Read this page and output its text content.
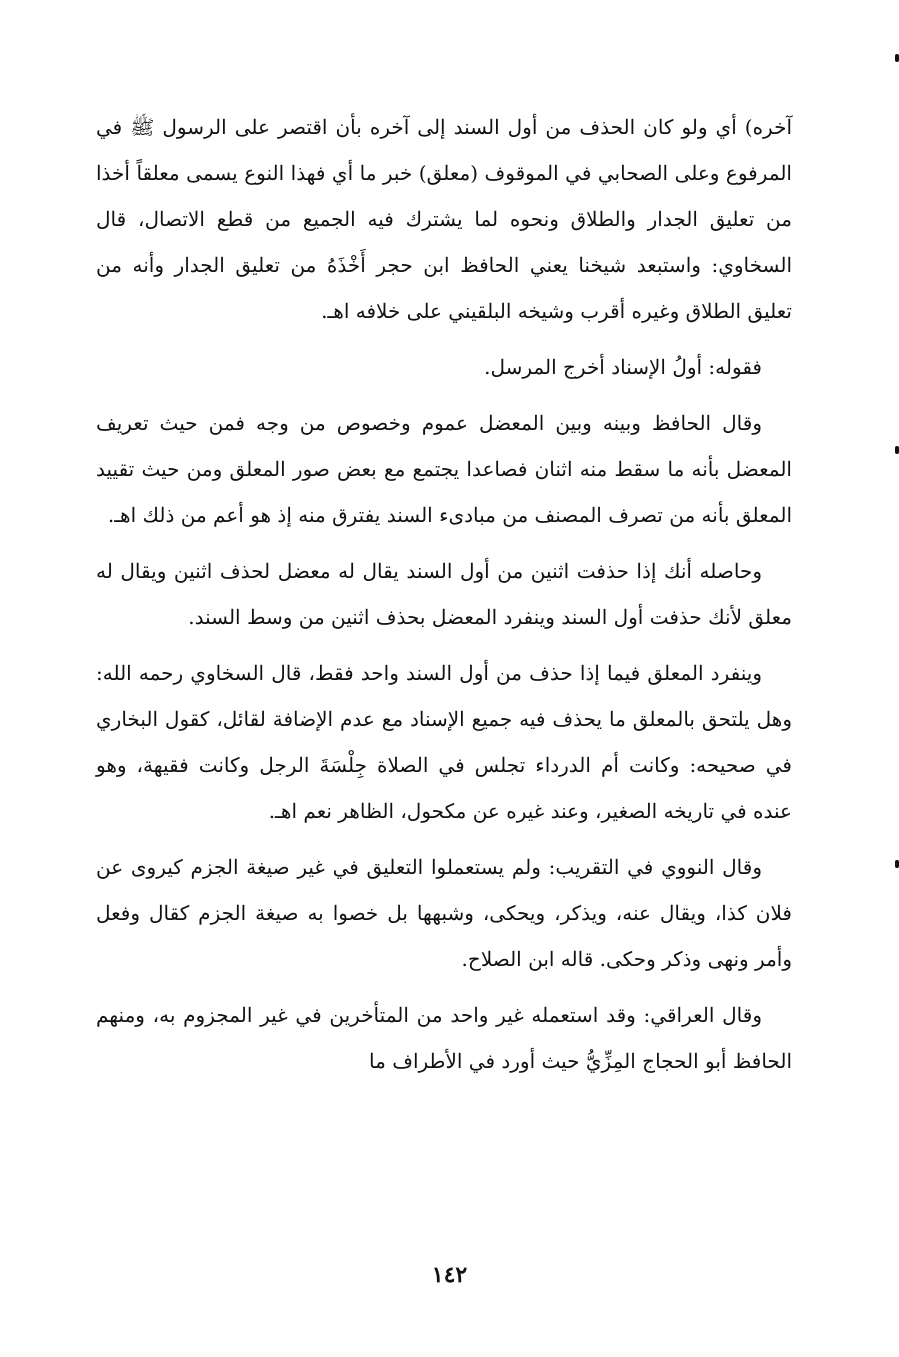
آخره) أي ولو كان الحذف من أول السند إلى آخره بأن اقتصر على الرسول ﷺ في المرفوع وعلى الصحابي في الموقوف (معلق) خبر ما أي فهذا النوع يسمى معلقاً أخذا من تعليق الجدار والطلاق ونحوه لما يشترك فيه الجميع من قطع الاتصال، قال السخاوي: واستبعد شيخنا يعني الحافظ ابن حجر أَخْذَهُ من تعليق الجدار وأنه من تعليق الطلاق وغيره أقرب وشيخه البلقيني على خلافه اهـ.

فقوله: أولُ الإسناد أخرج المرسل.

وقال الحافظ وبينه وبين المعضل عموم وخصوص من وجه فمن حيث تعريف المعضل بأنه ما سقط منه اثنان فصاعدا يجتمع مع بعض صور المعلق ومن حيث تقييد المعلق بأنه من تصرف المصنف من مبادىء السند يفترق منه إذ هو أعم من ذلك اهـ.

وحاصله أنك إذا حذفت اثنين من أول السند يقال له معضل لحذف اثنين ويقال له معلق لأنك حذفت أول السند وينفرد المعضل بحذف اثنين من وسط السند.

وينفرد المعلق فيما إذا حذف من أول السند واحد فقط، قال السخاوي رحمه الله: وهل يلتحق بالمعلق ما يحذف فيه جميع الإسناد مع عدم الإضافة لقائل، كقول البخاري في صحيحه: وكانت أم الدرداء تجلس في الصلاة جِلْسَةَ الرجل وكانت فقيهة، وهو عنده في تاريخه الصغير، وعند غيره عن مكحول، الظاهر نعم اهـ.

وقال النووي في التقريب: ولم يستعملوا التعليق في غير صيغة الجزم كيروى عن فلان كذا، ويقال عنه، ويذكر، ويحكى، وشبهها بل خصوا به صيغة الجزم كقال وفعل وأمر ونهى وذكر وحكى. قاله ابن الصلاح.

وقال العراقي: وقد استعمله غير واحد من المتأخرين في غير المجزوم به، ومنهم الحافظ أبو الحجاج المِزِّيُّ حيث أورد في الأطراف ما

١٤٢
